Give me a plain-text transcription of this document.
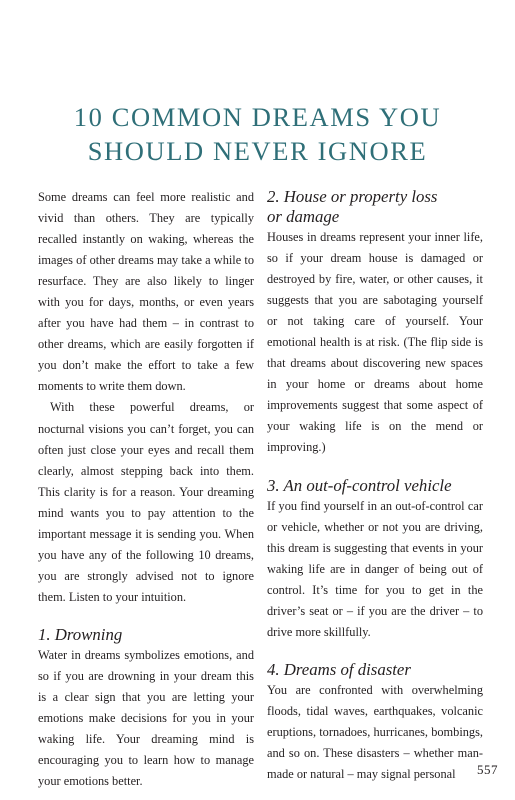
10 COMMON DREAMS YOU
SHOULD NEVER IGNORE

Some dreams can feel more realistic and vivid than others. They are typically recalled instantly on waking, whereas the images of other dreams may take a while to resurface. They are also likely to linger with you for days, months, or even years after you have had them – in contrast to other dreams, which are easily forgotten if you don’t make the effort to take a few moments to write them down.

With these powerful dreams, or nocturnal visions you can’t forget, you can often just close your eyes and recall them clearly, almost stepping back into them. This clarity is for a reason. Your dreaming mind wants you to pay attention to the important message it is sending you. When you have any of the following 10 dreams, you are strongly advised not to ignore them. Listen to your intuition.

1. Drowning

Water in dreams symbolizes emotions, and so if you are drowning in your dream this is a clear sign that you are letting your emotions make decisions for you in your waking life. Your dreaming mind is encouraging you to learn how to manage your emotions better.

2. House or property loss
or damage

Houses in dreams represent your inner life, so if your dream house is damaged or destroyed by fire, water, or other causes, it suggests that you are sabotaging yourself or not taking care of yourself. Your emotional health is at risk. (The flip side is that dreams about discovering new spaces in your home or dreams about home improvements suggest that some aspect of your waking life is on the mend or improving.)

3. An out-of-control vehicle

If you find yourself in an out-of-control car or vehicle, whether or not you are driving, this dream is suggesting that events in your waking life are in danger of being out of control. It’s time for you to get in the driver’s seat or – if you are the driver – to drive more skillfully.

4. Dreams of disaster

You are confronted with overwhelming floods, tidal waves, earthquakes, volcanic eruptions, tornadoes, hurricanes, bombings, and so on. These disasters – whether man-made or natural – may signal personal	557
